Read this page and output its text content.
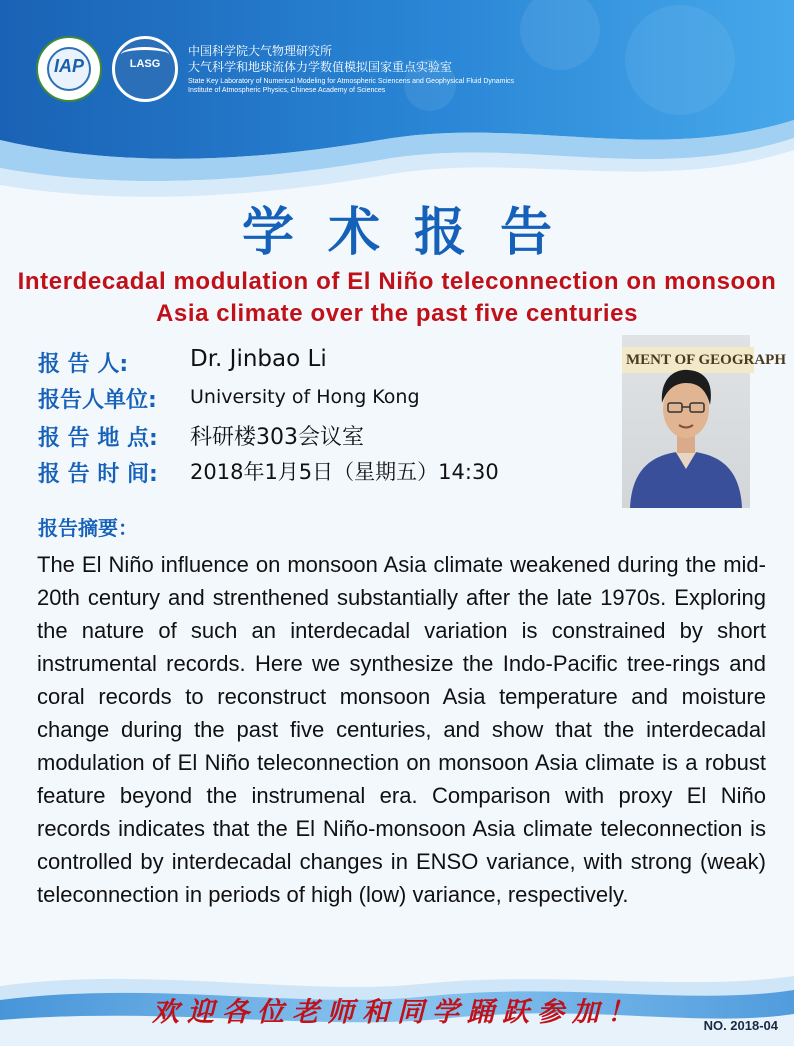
IAP	LASG
中国科学院大气物理研究所
大气科学和地球流体力学数值模拟国家重点实验室
State Key Laboratory of Numerical Modeling for Atmospheric Sciencens and Geophysical Fluid Dynamics
Institute of Atmospheric Physics, Chinese Academy of Sciences
学术报告
Interdecadal modulation of El Niño teleconnection on monsoon Asia climate over the past five centuries
报 告 人:	Dr. Jinbao Li
报告人单位: University of Hong Kong
报 告 地 点: 科研楼303会议室
报 告 时 间: 2018年1月5日（星期五）14:30
MENT OF GEOGRAPH
报告摘要：

The El Niño influence on monsoon Asia climate weakened during the mid-20th century and strenthened substantially after the late 1970s. Exploring the nature of such an interdecadal variation is constrained by short instrumental records. Here we synthesize the Indo-Pacific tree-rings and coral records to reconstruct monsoon Asia temperature and moisture change during the past five centuries, and show that the interdecadal modulation of El Niño teleconnection on monsoon Asia climate is a robust feature beyond the instrumenal era. Comparison with proxy El Niño records indicates that the El Niño-monsoon Asia climate teleconnection is controlled by interdecadal changes in ENSO variance, with strong (weak) teleconnection in periods of high (low) variance, respectively.

欢迎各位老师和同学踊跃参加！	NO. 2018-04
